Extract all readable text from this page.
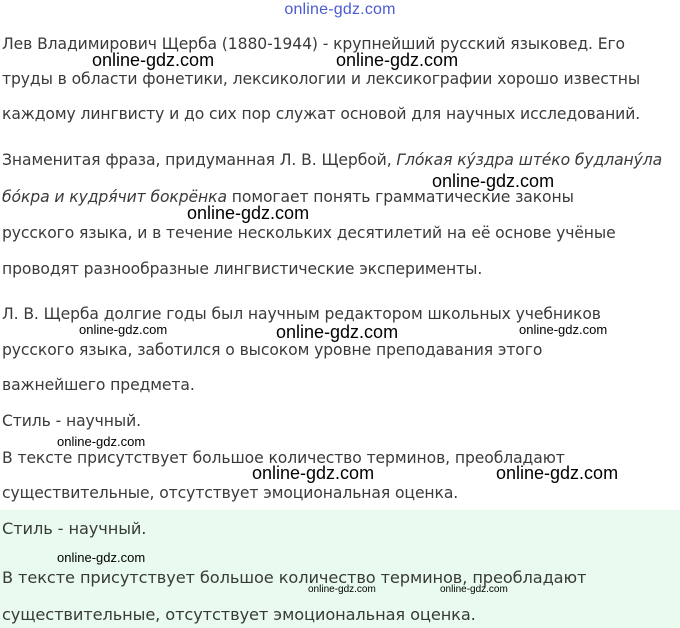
online-gdz.com
Лев Владимирович Щерба (1880-1944) - крупнейший русский языковед. Его
труды в области фонетики, лексикологии и лексикографии хорошо известны
каждому лингвисту и до сих пор служат основой для научных исследований.
Знаменитая фраза, придуманная Л. В. Щербой, Гло́кая ку́здра ште́ко будлану́ла
бо́кра и кудря́чит бокрёнка помогает понять грамматические законы
русского языка, и в течение нескольких десятилетий на её основе учёные
проводят разнообразные лингвистические эксперименты.
Л. В. Щерба долгие годы был научным редактором школьных учебников
русского языка, заботился о высоком уровне преподавания этого
важнейшего предмета.
Стиль - научный.
В тексте присутствует большое количество терминов, преобладают
существительные, отсутствует эмоциональная оценка.
Стиль - научный.
В тексте присутствует большое количество терминов, преобладают
существительные, отсутствует эмоциональная оценка.
online-gdz.com	online-gdz.com
online-gdz.com
online-gdz.com
online-gdz.com	online-gdz.com	online-gdz.com
online-gdz.com
online-gdz.com	online-gdz.com
online-gdz.com
online-gdz.com	online-gdz.com
